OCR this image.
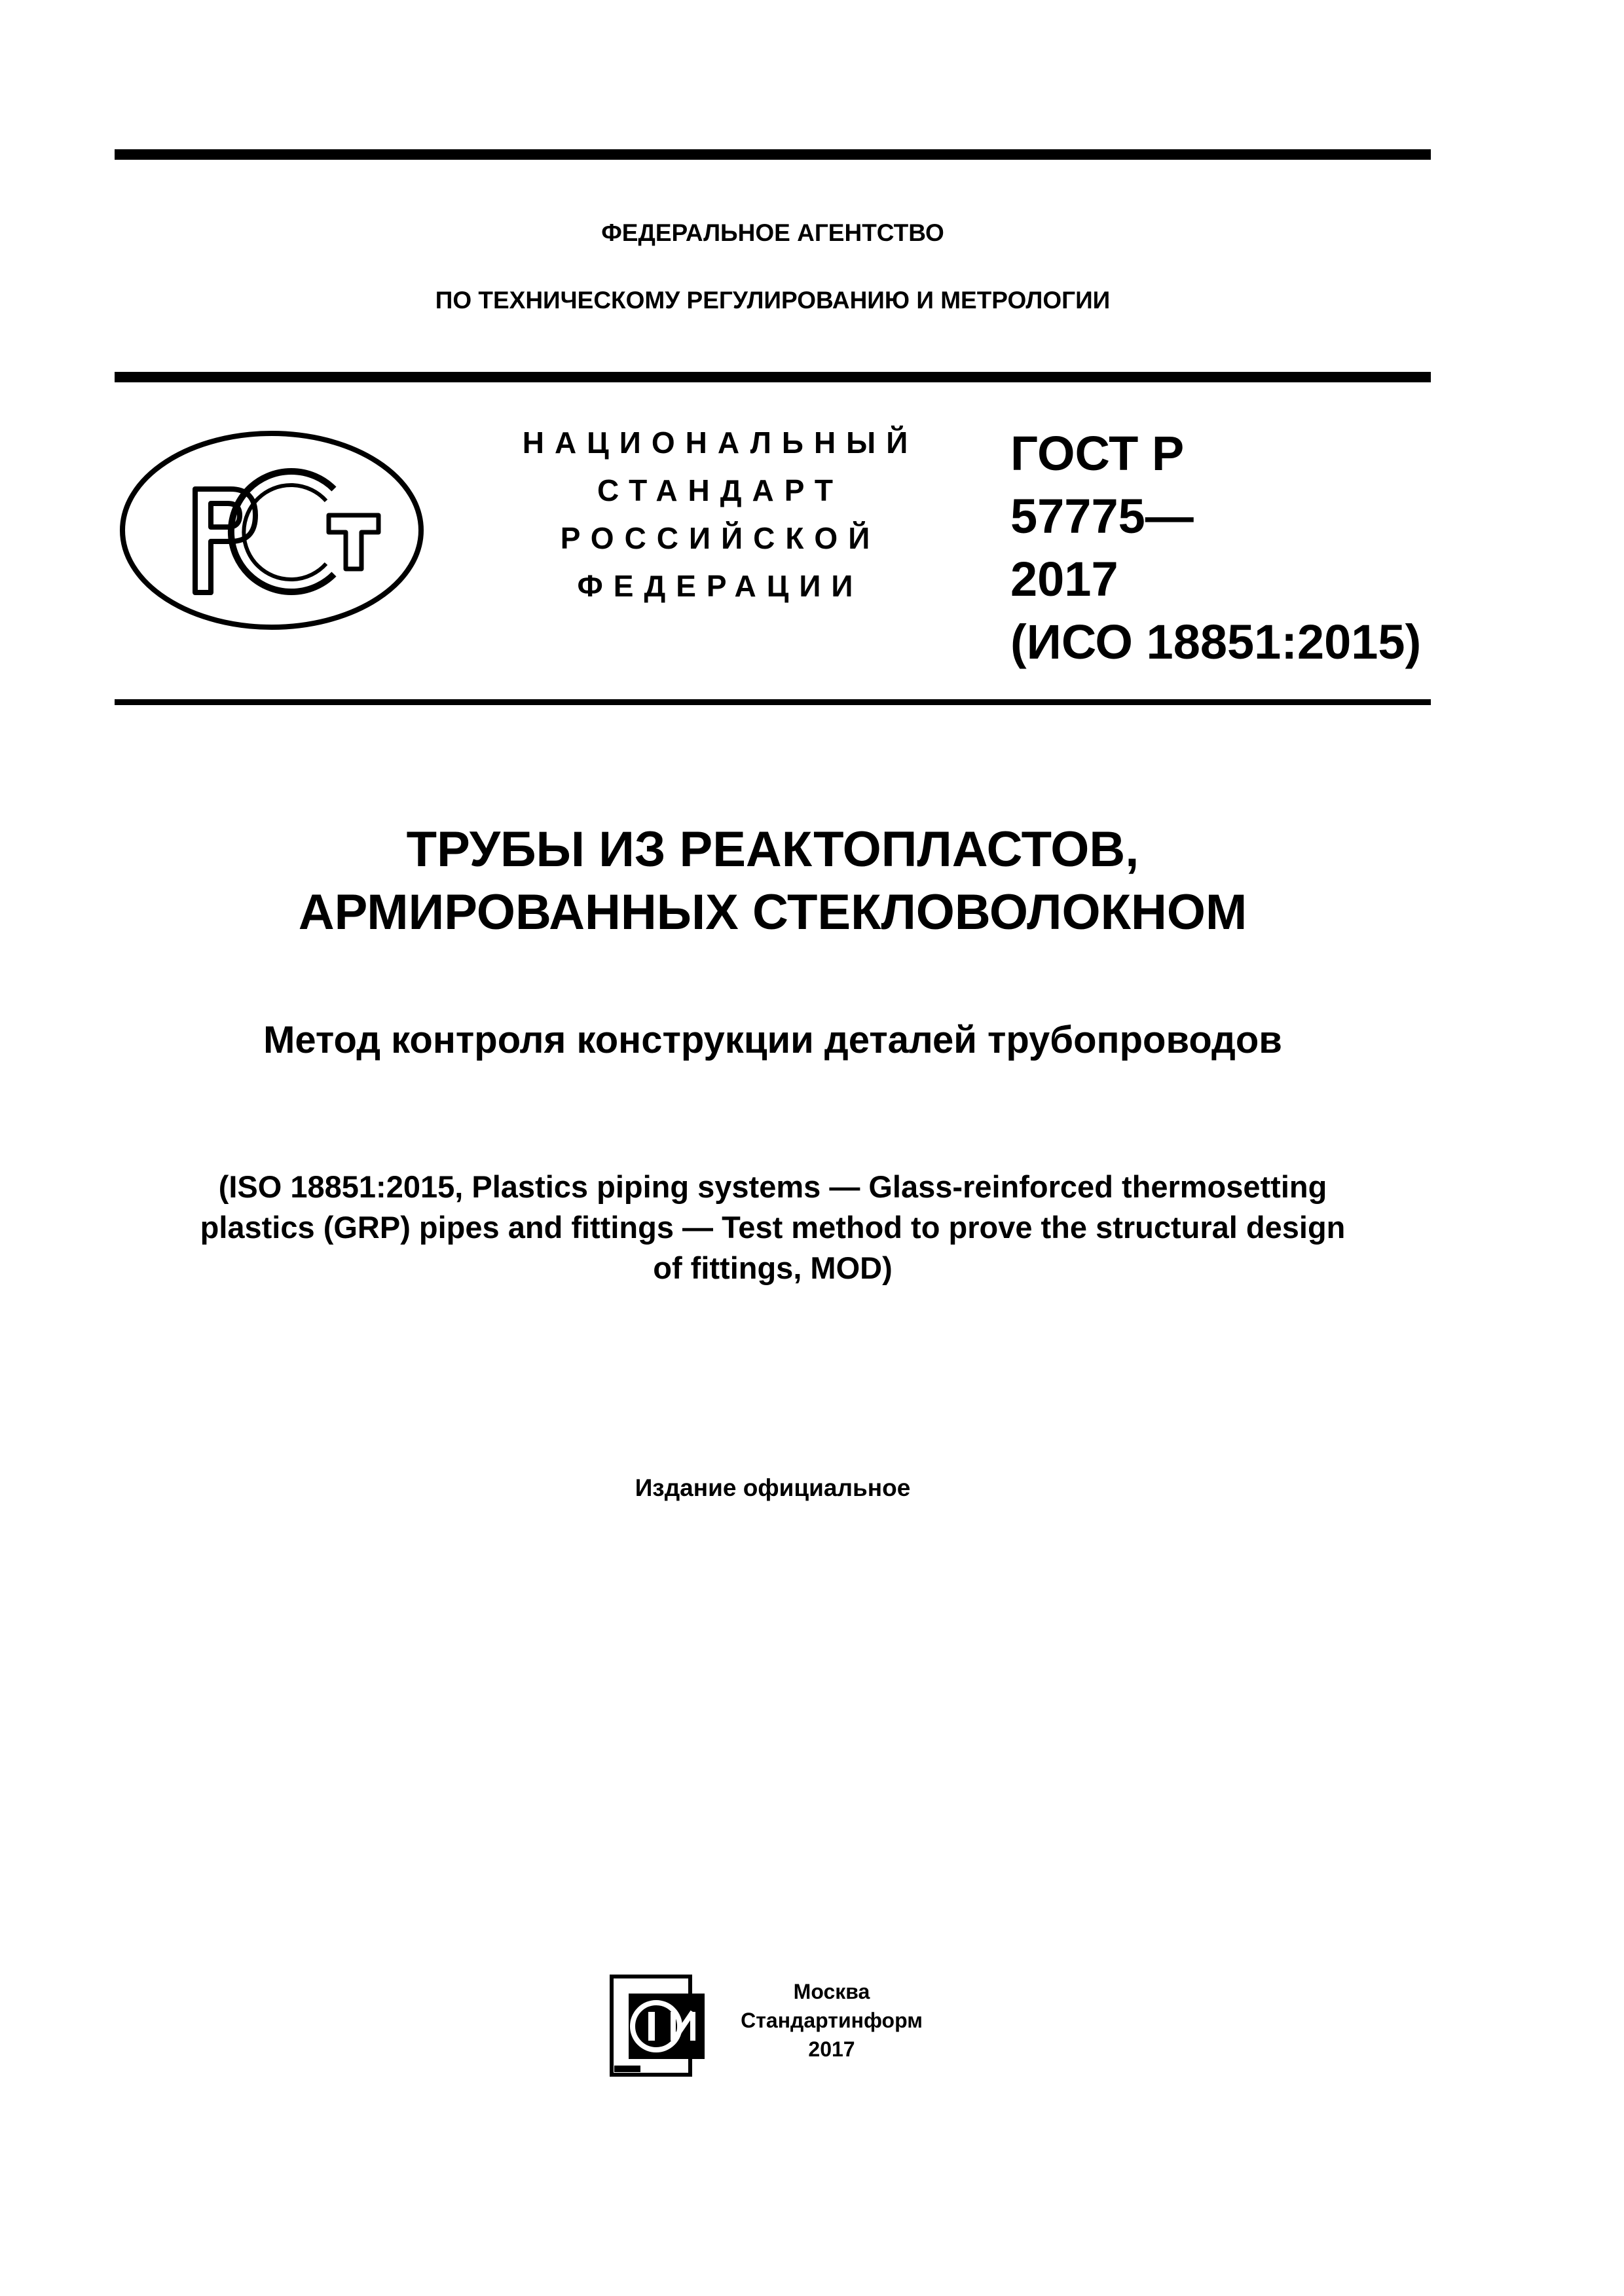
ФЕДЕРАЛЬНОЕ АГЕНТСТВО
ПО ТЕХНИЧЕСКОМУ РЕГУЛИРОВАНИЮ И МЕТРОЛОГИИ
НАЦИОНАЛЬНЫЙ
СТАНДАРТ
РОССИЙСКОЙ
ФЕДЕРАЦИИ
ГОСТ Р
57775—
2017
(ИСО 18851:2015)
ТРУБЫ ИЗ РЕАКТОПЛАСТОВ,
АРМИРОВАННЫХ СТЕКЛОВОЛОКНОМ
Метод контроля конструкции деталей трубопроводов
(ISO 18851:2015, Plastics piping systems — Glass-reinforced thermosetting
plastics (GRP) pipes and fittings — Test method to prove the structural design
of fittings, MOD)
Издание официальное
Москва
Стандартинформ
2017
